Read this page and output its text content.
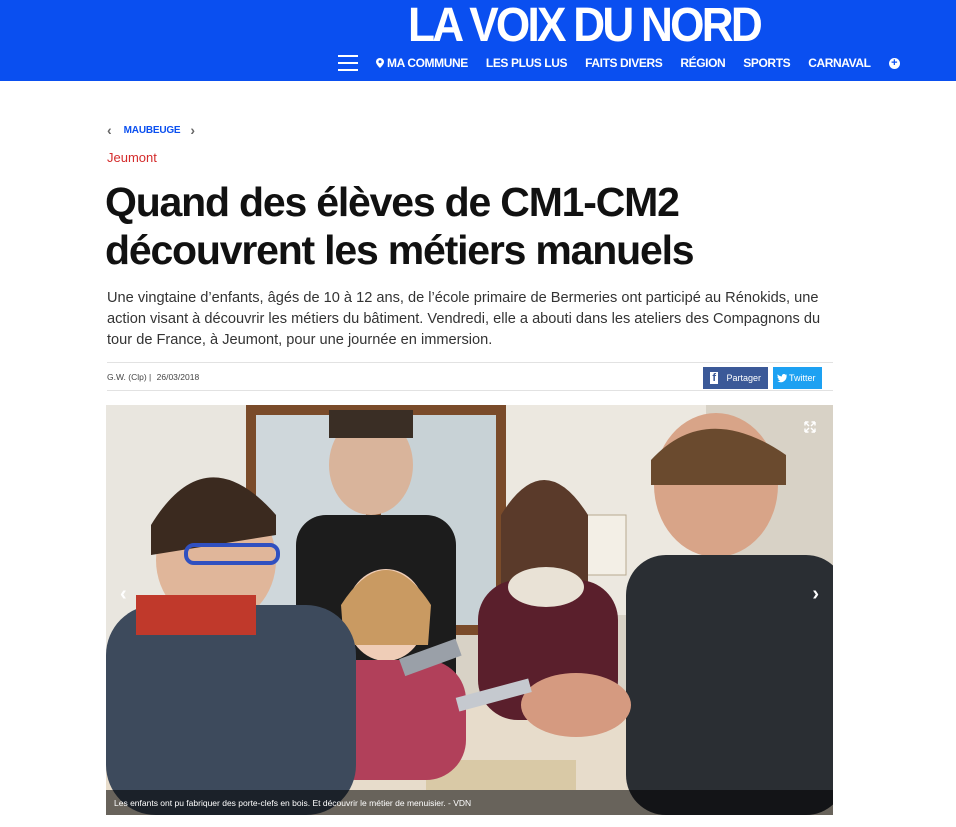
LA VOIX DU NORD
MA COMMUNE LES PLUS LUS FAITS DIVERS RÉGION SPORTS CARNAVAL +
‹ MAUBEUGE ›
Jeumont
Quand des élèves de CM1-CM2
découvrent les métiers manuels

Une vingtaine d’enfants, âgés de 10 à 12 ans, de l’école primaire de Bermeries ont participé au Rénokids, une action visant à découvrir les métiers du bâtiment. Vendredi, elle a abouti dans les ateliers des Compagnons du tour de France, à Jeumont, pour une journée en immersion.

G.W. (Clp) | 26/03/2018	f Partager	Twitter
‹	›
Les enfants ont pu fabriquer des porte-clefs en bois. Et découvrir le métier de menuisier. - VDN
